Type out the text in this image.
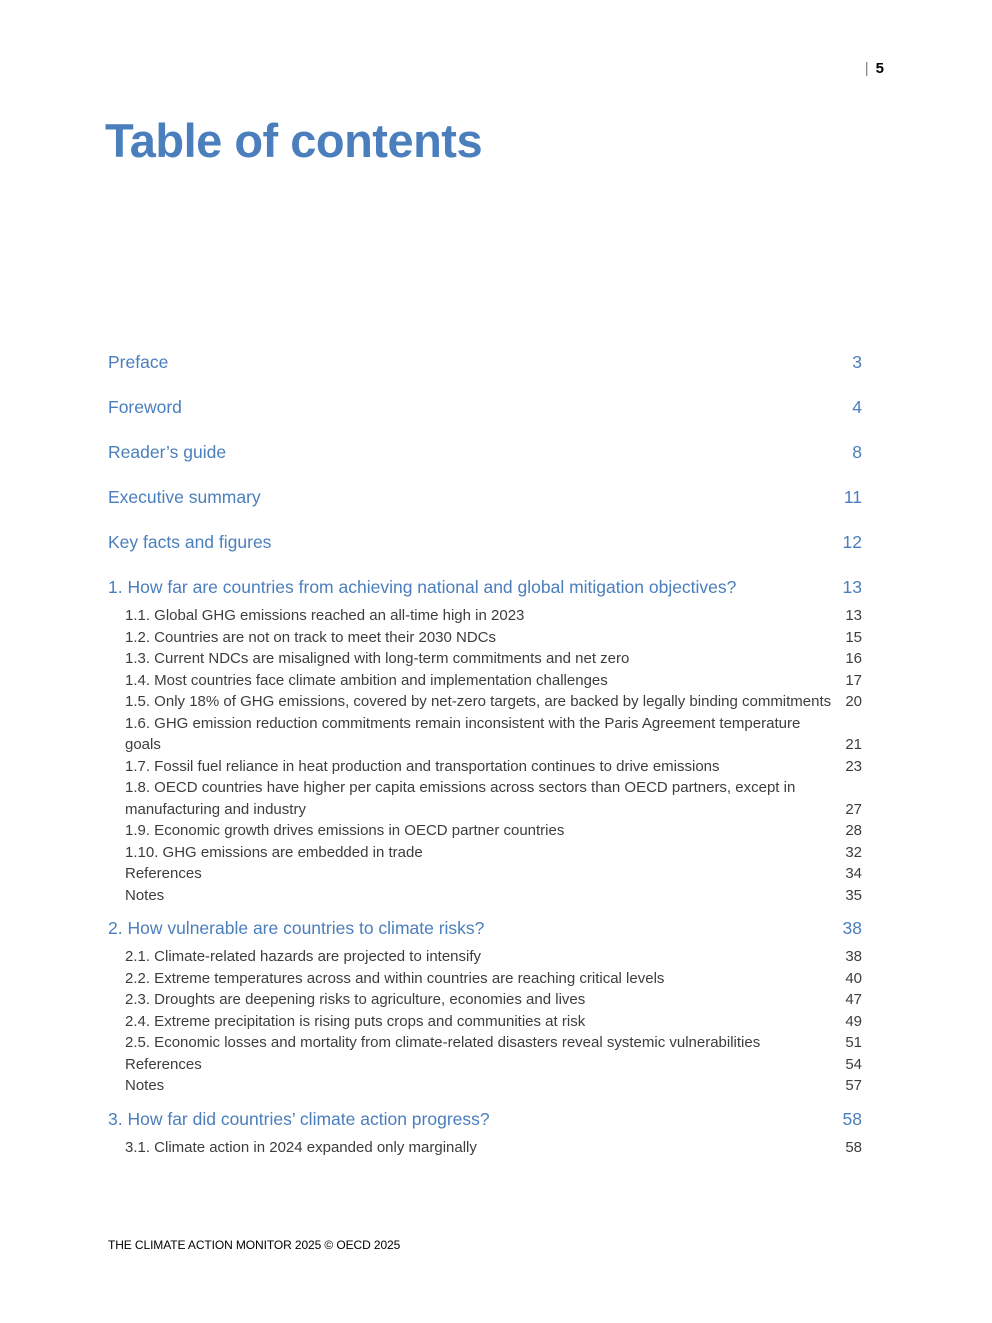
| 5
Table of contents
Preface	3
Foreword	4
Reader’s guide	8
Executive summary	11
Key facts and figures	12
1. How far are countries from achieving national and global mitigation objectives?	13
1.1. Global GHG emissions reached an all-time high in 2023	13
1.2. Countries are not on track to meet their 2030 NDCs	15
1.3. Current NDCs are misaligned with long-term commitments and net zero	16
1.4. Most countries face climate ambition and implementation challenges	17
1.5. Only 18% of GHG emissions, covered by net-zero targets, are backed by legally binding commitments 20
1.6. GHG emission reduction commitments remain inconsistent with the Paris Agreement temperature goals	21
1.7. Fossil fuel reliance in heat production and transportation continues to drive emissions	23
1.8. OECD countries have higher per capita emissions across sectors than OECD partners, except in manufacturing and industry	27
1.9. Economic growth drives emissions in OECD partner countries	28
1.10. GHG emissions are embedded in trade	32
References	34
Notes	35
2. How vulnerable are countries to climate risks?	38
2.1. Climate-related hazards are projected to intensify	38
2.2. Extreme temperatures across and within countries are reaching critical levels	40
2.3. Droughts are deepening risks to agriculture, economies and lives	47
2.4. Extreme precipitation is rising puts crops and communities at risk	49
2.5. Economic losses and mortality from climate-related disasters reveal systemic vulnerabilities	51
References	54
Notes	57
3. How far did countries’ climate action progress?	58
3.1. Climate action in 2024 expanded only marginally	58
THE CLIMATE ACTION MONITOR 2025 © OECD 2025
